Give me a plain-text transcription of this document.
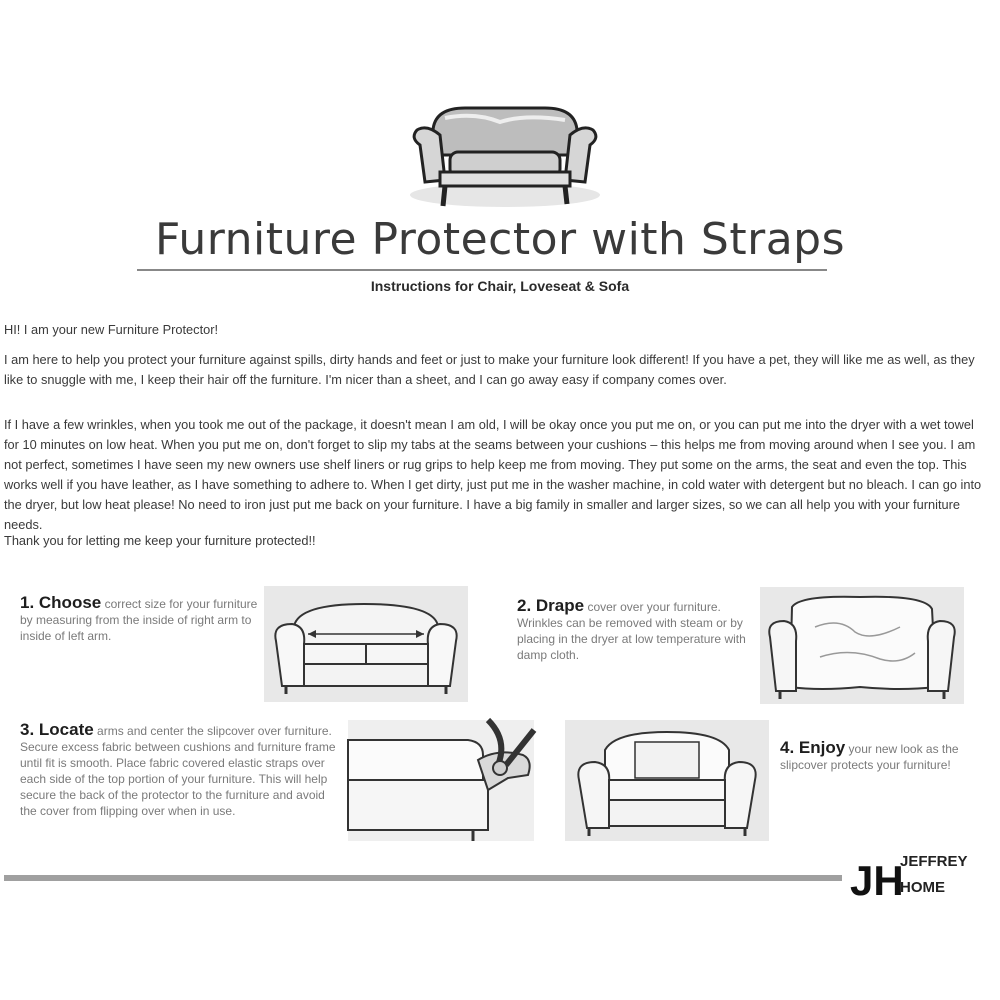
Furniture Protector with Straps
Instructions for Chair, Loveseat & Sofa

HI! I am your new Furniture Protector!

I am here to help you protect your furniture against spills, dirty hands and feet or just to make your furniture look different! If you have a pet, they will like me as well, as they like to snuggle with me, I keep their hair off the furniture. I'm nicer than a sheet, and I can go away easy if company comes over.

If I have a few wrinkles, when you took me out of the package, it doesn't mean I am old, I will be okay once you put me on, or you can put me into the dryer with a wet towel for 10 minutes on low heat. When you put me on, don't forget to slip my tabs at the seams between your cushions – this helps me from moving around when I see you. I am not perfect, sometimes I have seen my new owners use shelf liners or rug grips to help keep me from moving. They put some on the arms, the seat and even the top. This works well if you have leather, as I have something to adhere to. When I get dirty, just put me in the washer machine, in cold water with detergent but no bleach. I can go into the dryer, but low heat please! No need to iron just put me back on your furniture. I have a big family in smaller and larger sizes, so we can all help you with your furniture needs.

Thank you for letting me keep your furniture protected!!

1. Choose correct size for your furniture by measuring from the inside of right arm to inside of left arm.
2. Drape cover over your furniture. Wrinkles can be removed with steam or by placing in the dryer at low temperature with damp cloth.
3. Locate arms and center the slipcover over furniture. Secure excess fabric between cushions and furniture frame until fit is smooth. Place fabric covered elastic straps over each side of the top portion of your furniture. This will help secure the back of the protector to the furniture and avoid the cover from flipping over when in use.
4. Enjoy your new look as the slipcover protects your furniture!
JH
JEFFREY
HOME
